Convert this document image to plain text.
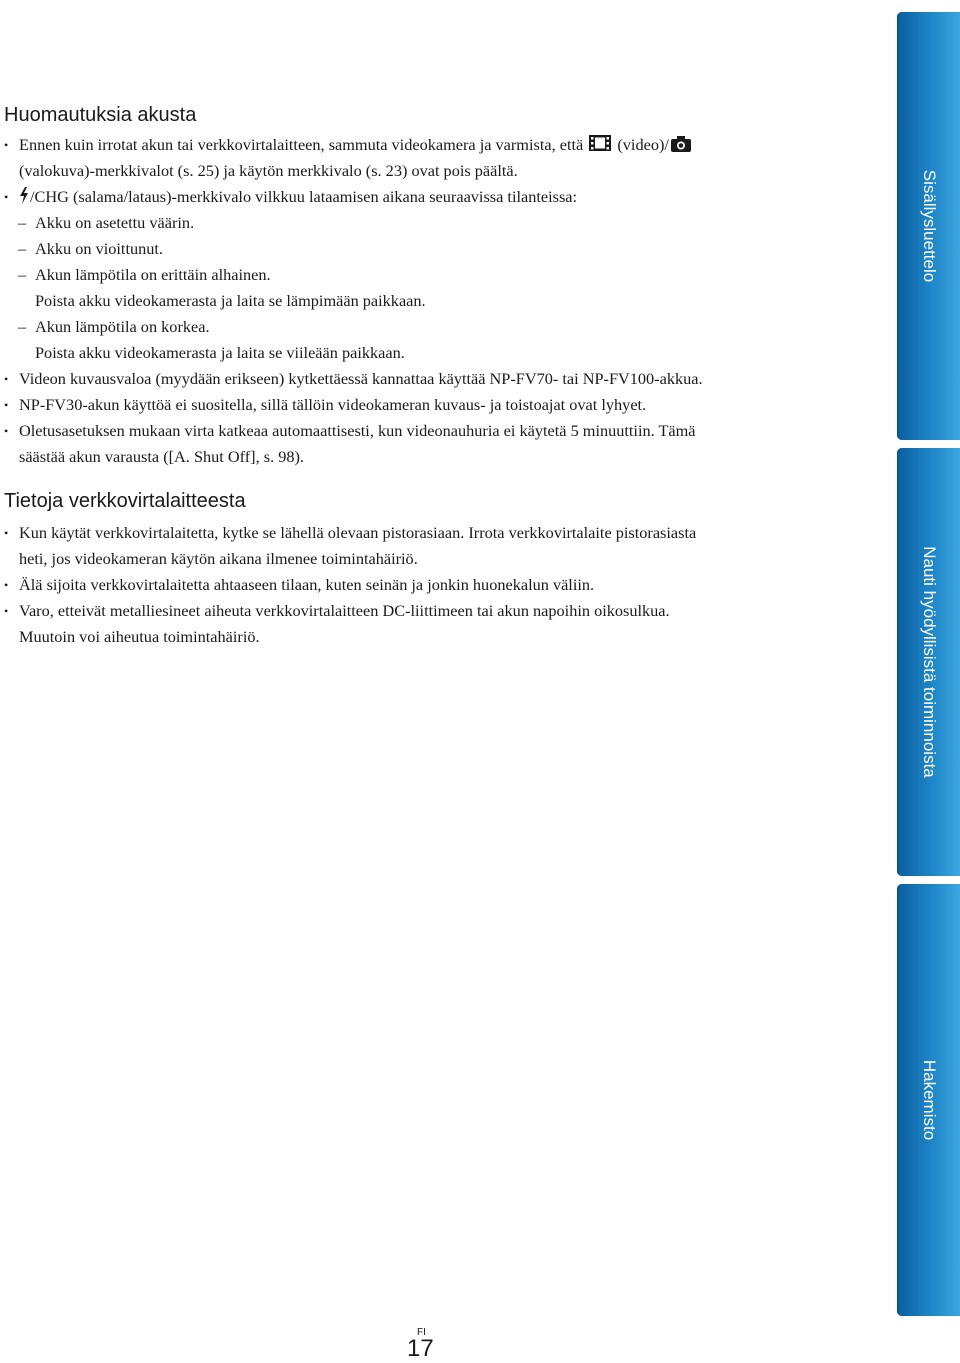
Huomautuksia akusta
• Ennen kuin irrotat akun tai verkkovirtalaitteen, sammuta videokamera ja varmista, että (video)/
(valokuva)-merkkivalot (s. 25) ja käytön merkkivalo (s. 23) ovat pois päältä.
•	/CHG (salama/lataus)-merkkivalo vilkkuu lataamisen aikana seuraavissa tilanteissa:
– Akku on asetettu väärin.
– Akku on vioittunut.
– Akun lämpötila on erittäin alhainen.
Poista akku videokamerasta ja laita se lämpimään paikkaan.
– Akun lämpötila on korkea.
Poista akku videokamerasta ja laita se viileään paikkaan.
• Videon kuvausvaloa (myydään erikseen) kytkettäessä kannattaa käyttää NP-FV70- tai NP-FV100-akkua.
• NP-FV30-akun käyttöä ei suositella, sillä tällöin videokameran kuvaus- ja toistoajat ovat lyhyet.
• Oletusasetuksen mukaan virta katkeaa automaattisesti, kun videonauhuria ei käytetä 5 minuuttiin. Tämä
säästää akun varausta ([A. Shut Off], s. 98).
Tietoja verkkovirtalaitteesta
• Kun käytät verkkovirtalaitetta, kytke se lähellä olevaan pistorasiaan. Irrota verkkovirtalaite pistorasiasta
heti, jos videokameran käytön aikana ilmenee toimintahäiriö.
• Älä sijoita verkkovirtalaitetta ahtaaseen tilaan, kuten seinän ja jonkin huonekalun väliin.
• Varo, etteivät metalliesineet aiheuta verkkovirtalaitteen DC-liittimeen tai akun napoihin oikosulkua.
Muutoin voi aiheutua toimintahäiriö.
Sisällysluettelo
Nauti hyödyllisistä toiminnoista
Hakemisto
FI
17
